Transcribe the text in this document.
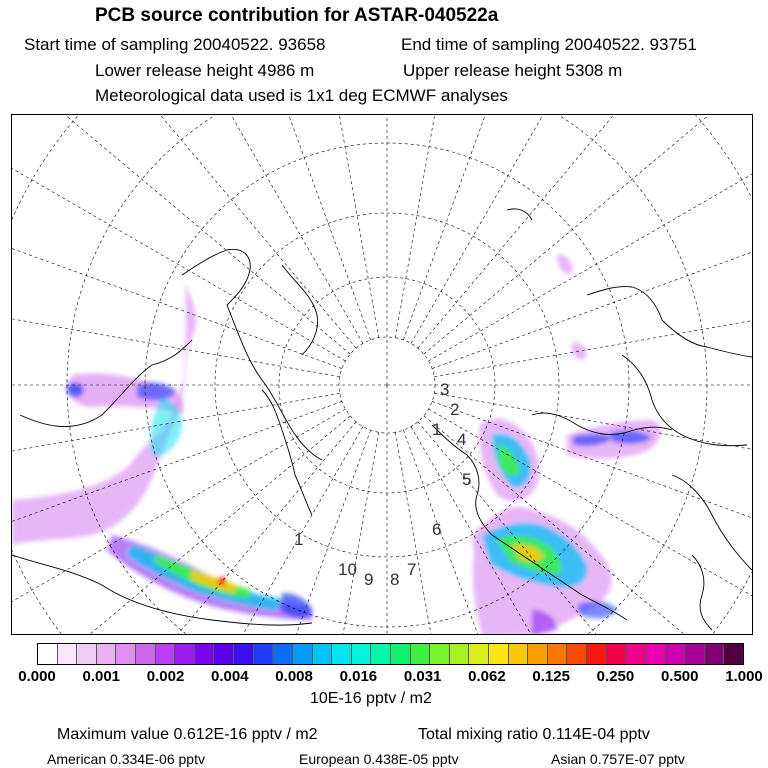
PCB source contribution for ASTAR-040522a
Start time of sampling 20040522. 93658	End time of sampling 20040522. 93751
Lower release height 4986 m	Upper release height 5308 m
Meteorological data used is 1x1 deg ECMWF analyses
1
2
3
4
5
6
7
8
9
10
1
0.000 0.001 0.002 0.004 0.008 0.016 0.031 0.062 0.125 0.250 0.500 1.000
10E-16 pptv / m2
Maximum value 0.612E-16 pptv / m2	Total mixing ratio 0.114E-04 pptv
American 0.334E-06 pptv	European 0.438E-05 pptv	Asian 0.757E-07 pptv
